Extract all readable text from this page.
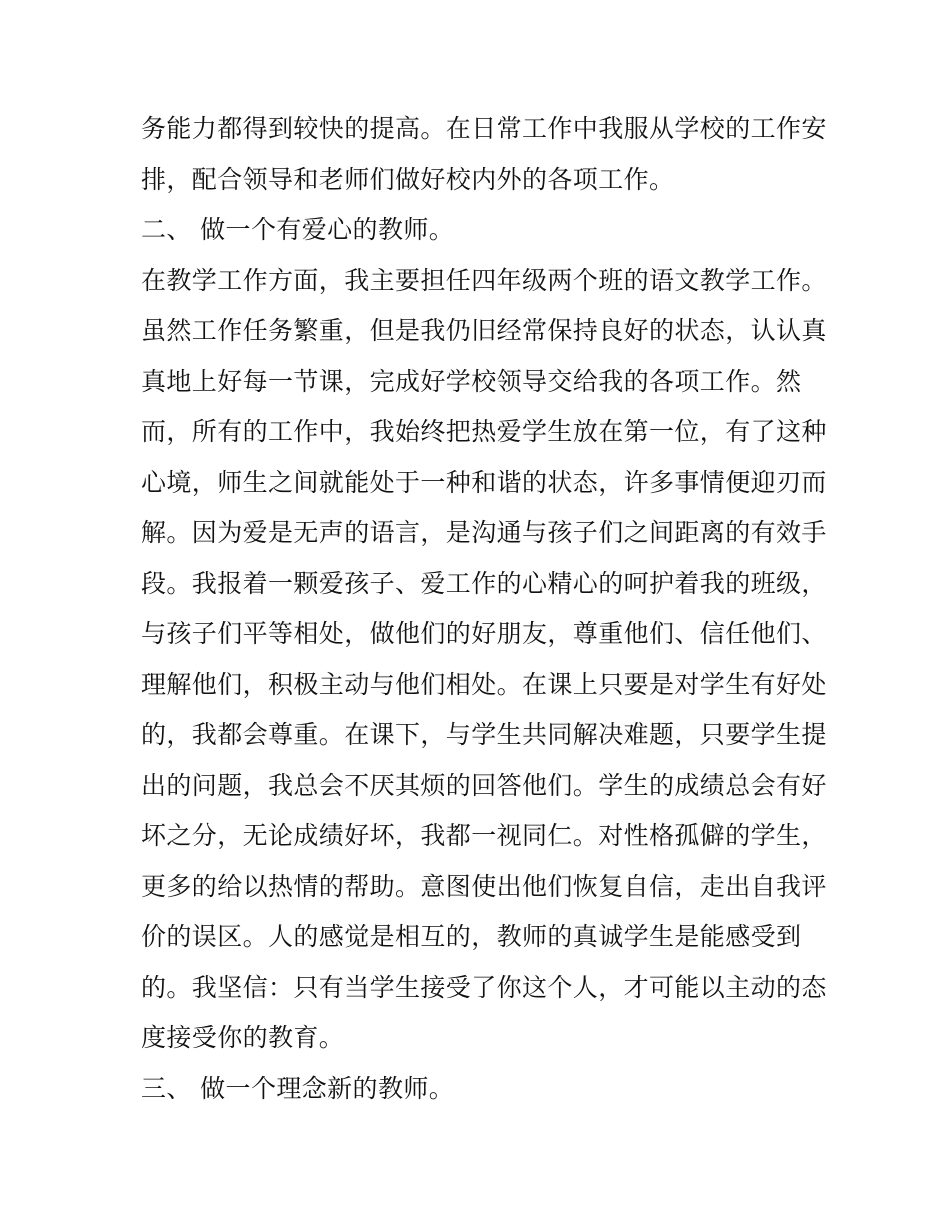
务能力都得到较快的提高。在日常工作中我服从学校的工作安
排，配合领导和老师们做好校内外的各项工作。
二、 做一个有爱心的教师。
在教学工作方面，我主要担任四年级两个班的语文教学工作。
虽然工作任务繁重，但是我仍旧经常保持良好的状态，认认真
真地上好每一节课，完成好学校领导交给我的各项工作。然
而，所有的工作中，我始终把热爱学生放在第一位，有了这种
心境，师生之间就能处于一种和谐的状态，许多事情便迎刃而
解。因为爱是无声的语言，是沟通与孩子们之间距离的有效手
段。我报着一颗爱孩子、爱工作的心精心的呵护着我的班级，
与孩子们平等相处，做他们的好朋友，尊重他们、信任他们、
理解他们，积极主动与他们相处。在课上只要是对学生有好处
的，我都会尊重。在课下，与学生共同解决难题，只要学生提
出的问题，我总会不厌其烦的回答他们。学生的成绩总会有好
坏之分，无论成绩好坏，我都一视同仁。对性格孤僻的学生，
更多的给以热情的帮助。意图使出他们恢复自信，走出自我评
价的误区。人的感觉是相互的，教师的真诚学生是能感受到
的。我坚信：只有当学生接受了你这个人，才可能以主动的态
度接受你的教育。
三、 做一个理念新的教师。
